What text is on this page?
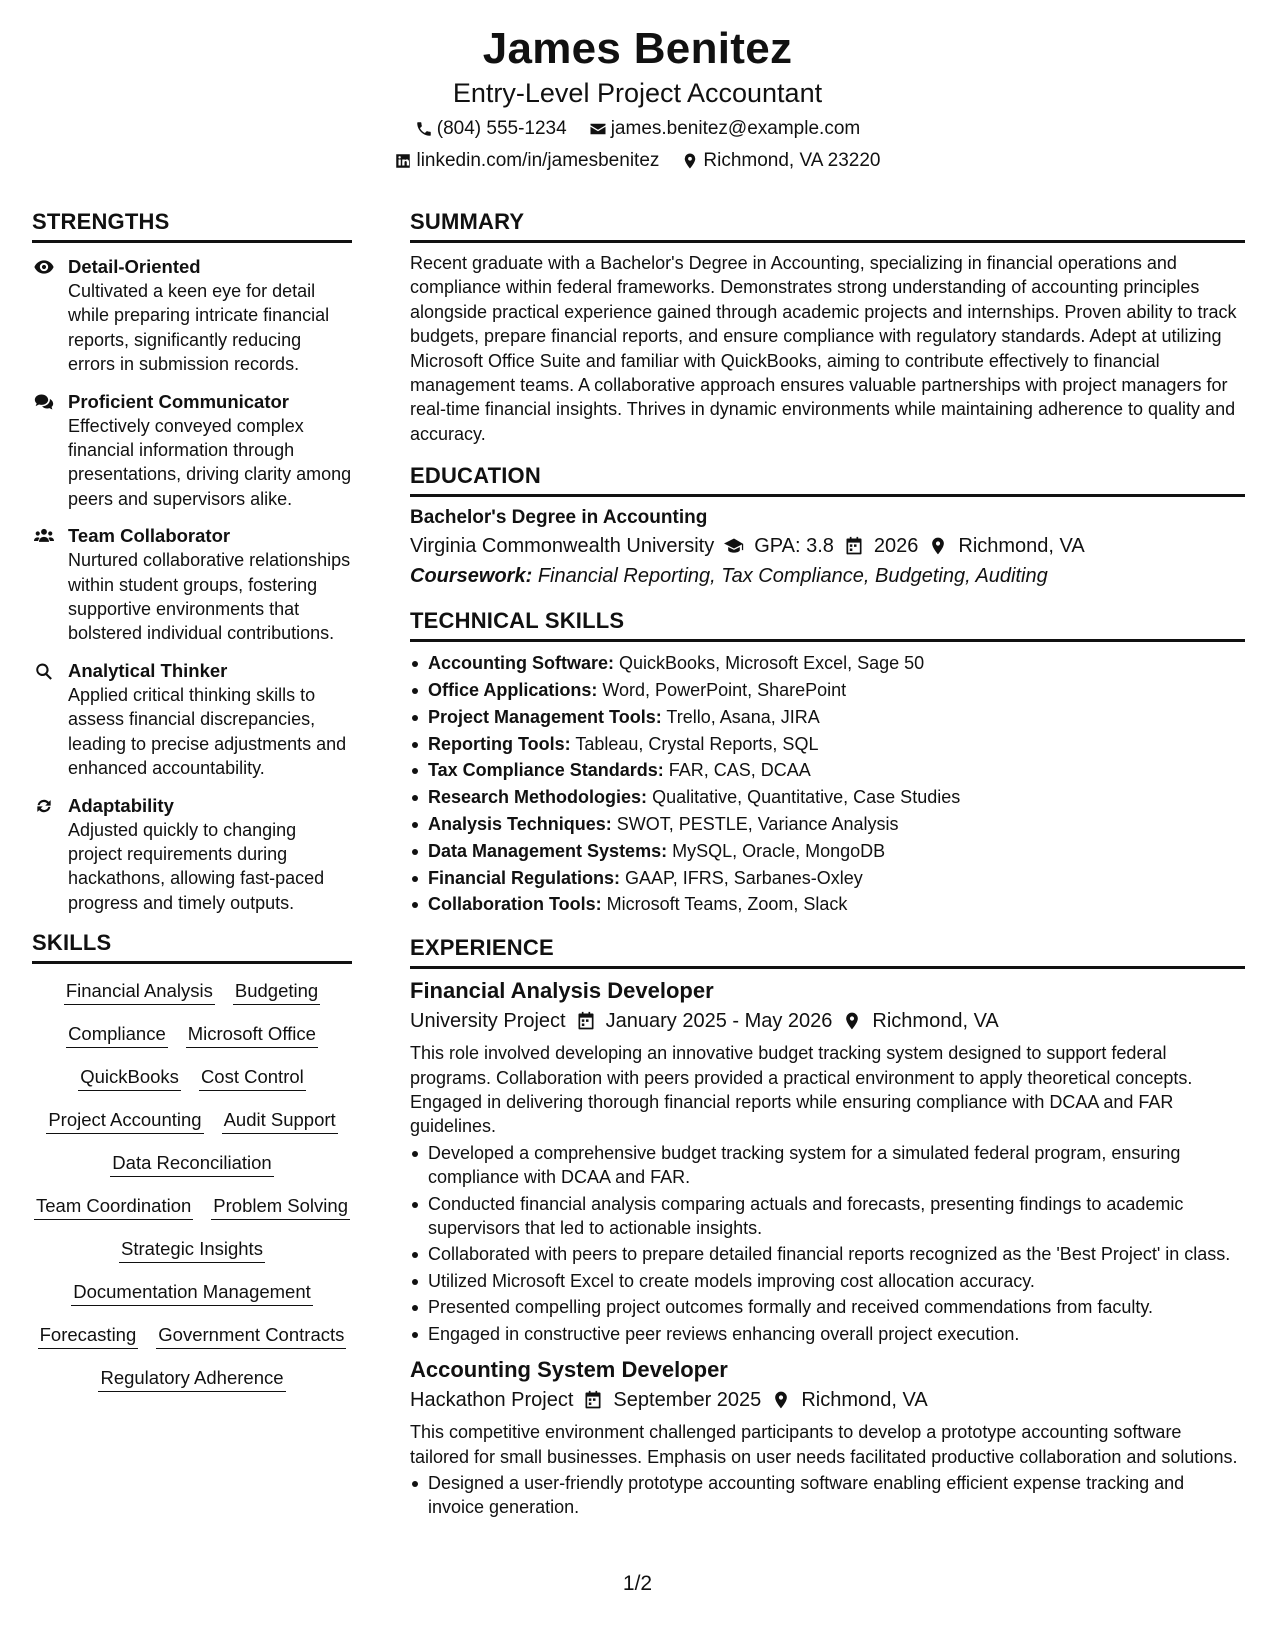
James Benitez
Entry-Level Project Accountant
(804) 555-1234 james.benitez@example.com
linkedin.com/in/jamesbenitez Richmond, VA 23220
STRENGTHS
Detail-Oriented
Cultivated a keen eye for detail while preparing intricate financial reports, significantly reducing errors in submission records.
Proficient Communicator
Effectively conveyed complex financial information through presentations, driving clarity among peers and supervisors alike.
Team Collaborator
Nurtured collaborative relationships within student groups, fostering supportive environments that bolstered individual contributions.
Analytical Thinker
Applied critical thinking skills to assess financial discrepancies, leading to precise adjustments and enhanced accountability.
Adaptability
Adjusted quickly to changing project requirements during hackathons, allowing fast-paced progress and timely outputs.
SKILLS
Financial Analysis Budgeting
Compliance Microsoft Office
QuickBooks Cost Control
Project Accounting Audit Support
Data Reconciliation
Team Coordination Problem Solving
Strategic Insights
Documentation Management
Forecasting Government Contracts
Regulatory Adherence
SUMMARY
Recent graduate with a Bachelor's Degree in Accounting, specializing in financial operations and compliance within federal frameworks. Demonstrates strong understanding of accounting principles alongside practical experience gained through academic projects and internships. Proven ability to track budgets, prepare financial reports, and ensure compliance with regulatory standards. Adept at utilizing Microsoft Office Suite and familiar with QuickBooks, aiming to contribute effectively to financial management teams. A collaborative approach ensures valuable partnerships with project managers for real-time financial insights. Thrives in dynamic environments while maintaining adherence to quality and accuracy.
EDUCATION
Bachelor's Degree in Accounting
Virginia Commonwealth University GPA: 3.8 2026 Richmond, VA
Coursework: Financial Reporting, Tax Compliance, Budgeting, Auditing
TECHNICAL SKILLS
Accounting Software: QuickBooks, Microsoft Excel, Sage 50
Office Applications: Word, PowerPoint, SharePoint
Project Management Tools: Trello, Asana, JIRA
Reporting Tools: Tableau, Crystal Reports, SQL
Tax Compliance Standards: FAR, CAS, DCAA
Research Methodologies: Qualitative, Quantitative, Case Studies
Analysis Techniques: SWOT, PESTLE, Variance Analysis
Data Management Systems: MySQL, Oracle, MongoDB
Financial Regulations: GAAP, IFRS, Sarbanes-Oxley
Collaboration Tools: Microsoft Teams, Zoom, Slack
EXPERIENCE
Financial Analysis Developer
University Project January 2025 - May 2026 Richmond, VA
This role involved developing an innovative budget tracking system designed to support federal programs. Collaboration with peers provided a practical environment to apply theoretical concepts. Engaged in delivering thorough financial reports while ensuring compliance with DCAA and FAR guidelines.
Developed a comprehensive budget tracking system for a simulated federal program, ensuring compliance with DCAA and FAR.
Conducted financial analysis comparing actuals and forecasts, presenting findings to academic supervisors that led to actionable insights.
Collaborated with peers to prepare detailed financial reports recognized as the 'Best Project' in class.
Utilized Microsoft Excel to create models improving cost allocation accuracy.
Presented compelling project outcomes formally and received commendations from faculty.
Engaged in constructive peer reviews enhancing overall project execution.
Accounting System Developer
Hackathon Project September 2025 Richmond, VA
This competitive environment challenged participants to develop a prototype accounting software tailored for small businesses. Emphasis on user needs facilitated productive collaboration and solutions.
Designed a user-friendly prototype accounting software enabling efficient expense tracking and invoice generation.
1/2
